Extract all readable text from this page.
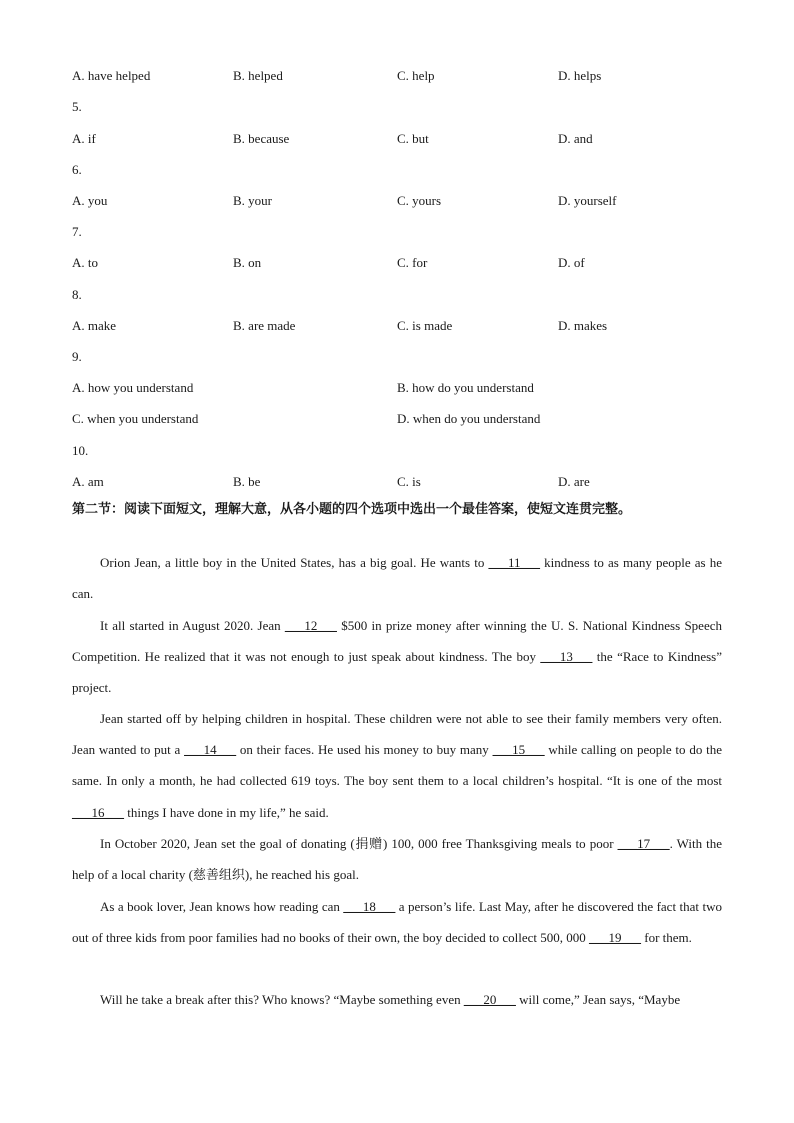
A. have helped	B. helped	C. help	D. helps
5.
A. if	B. because	C. but	D. and
6.
A. you	B. your	C. yours	D. yourself
7.
A. to	B. on	C. for	D. of
8.
A. make	B. are made	C. is made	D. makes
9.
A. how you understand	B. how do you understand
C. when you understand	D. when do you understand
10.
A. am	B. be	C. is	D. are
第二节：阅读下面短文，理解大意，从各小题的四个选项中选出一个最佳答案，使短文连贯完整。
Orion Jean, a little boy in the United States, has a big goal. He wants to ___11___ kindness to as many people as he can.
It all started in August 2020. Jean ___12___ $500 in prize money after winning the U. S. National Kindness Speech Competition. He realized that it was not enough to just speak about kindness. The boy ___13___ the “Race to Kindness” project.
Jean started off by helping children in hospital. These children were not able to see their family members very often. Jean wanted to put a ___14___ on their faces. He used his money to buy many ___15___ while calling on people to do the same. In only a month, he had collected 619 toys. The boy sent them to a local children’s hospital. “It is one of the most ___16___ things I have done in my life,” he said.
In October 2020, Jean set the goal of donating (捐赠) 100, 000 free Thanksgiving meals to poor ___17___. With the help of a local charity (慈善组织), he reached his goal.
As a book lover, Jean knows how reading can ___18___ a person’s life. Last May, after he discovered the fact that two out of three kids from poor families had no books of their own, the boy decided to collect 500, 000 ___19___ for them.
Will he take a break after this? Who knows? “Maybe something even ___20___ will come,” Jean says, “Maybe
